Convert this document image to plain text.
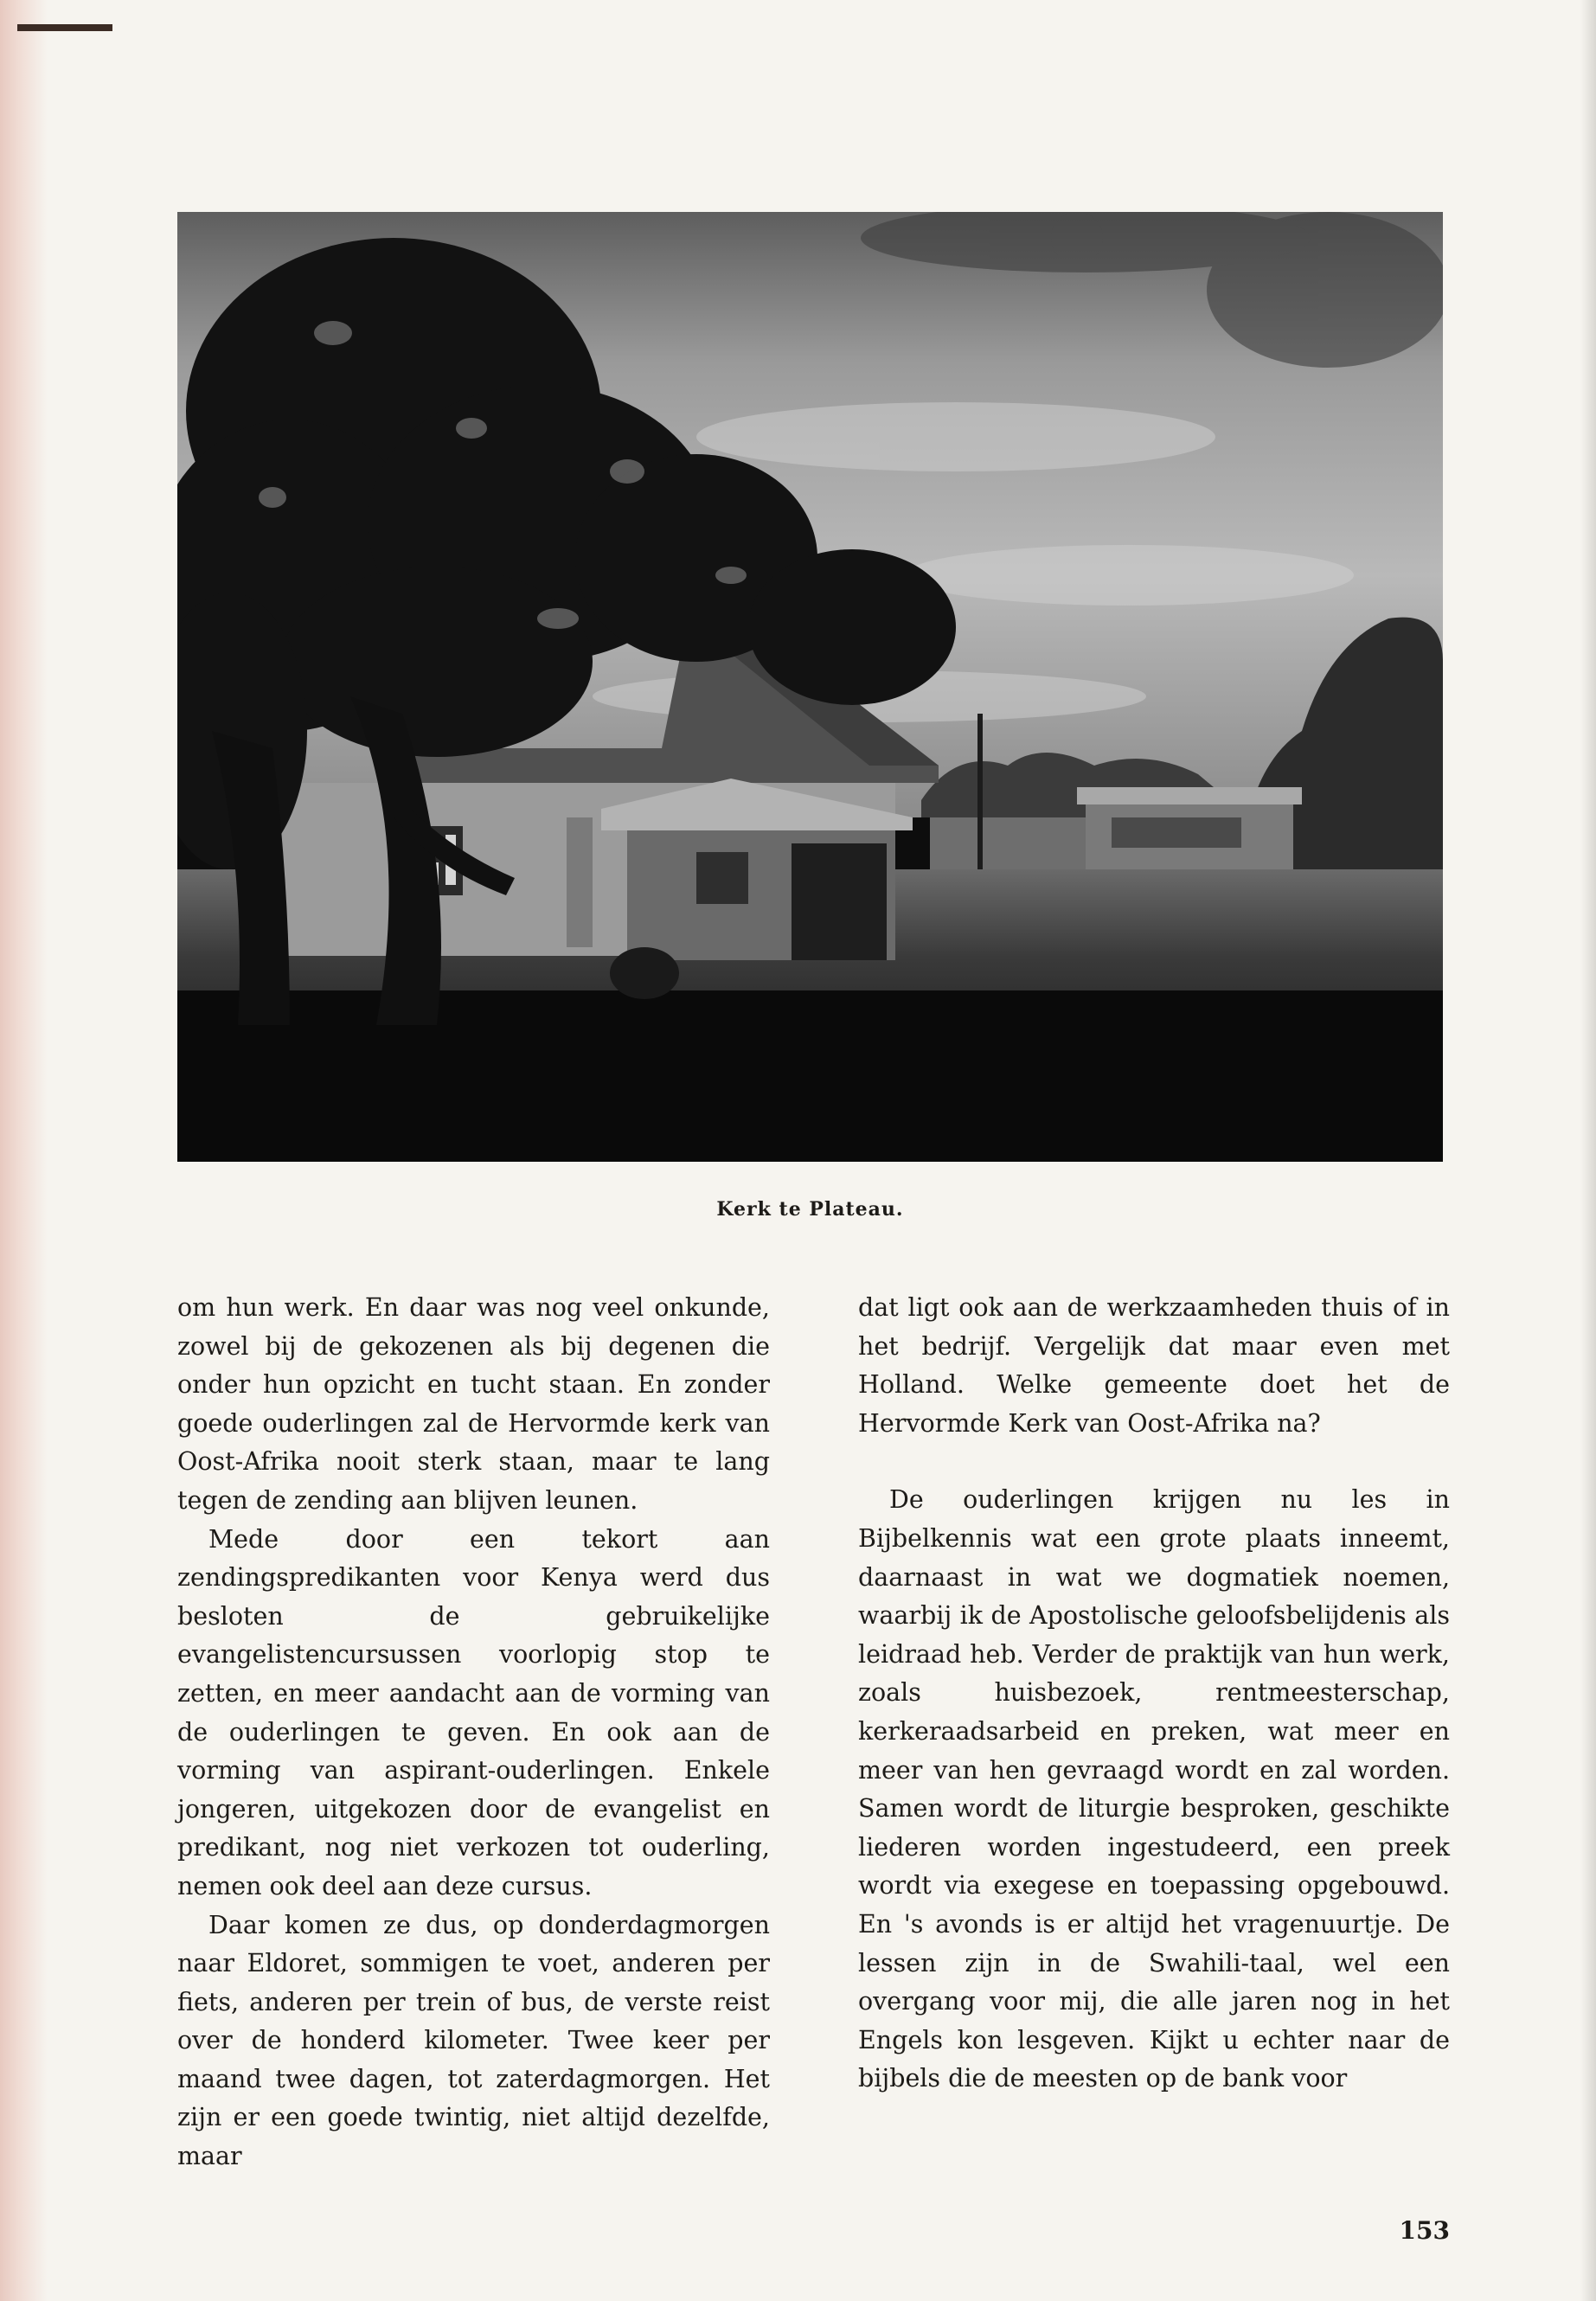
Kerk te Plateau.

om hun werk. En daar was nog veel onkunde, zowel bij de gekozenen als bij degenen die onder hun opzicht en tucht staan. En zonder goede ouderlingen zal de Hervormde kerk van Oost-Afrika nooit sterk staan, maar te lang tegen de zending aan blijven leunen.

Mede door een tekort aan zendingspredikanten voor Kenya werd dus besloten de gebruikelijke evangelistencursussen voorlopig stop te zetten, en meer aandacht aan de vorming van de ouderlingen te geven. En ook aan de vorming van aspirant-ouderlingen. Enkele jongeren, uitgekozen door de evangelist en predikant, nog niet verkozen tot ouderling, nemen ook deel aan deze cursus.

Daar komen ze dus, op donderdagmorgen naar Eldoret, sommigen te voet, anderen per fiets, anderen per trein of bus, de verste reist over de honderd kilometer. Twee keer per maand twee dagen, tot zaterdagmorgen. Het zijn er een goede twintig, niet altijd dezelfde, maar

dat ligt ook aan de werkzaamheden thuis of in het bedrijf. Vergelijk dat maar even met Holland. Welke gemeente doet het de Hervormde Kerk van Oost-Afrika na?

De ouderlingen krijgen nu les in Bijbelkennis wat een grote plaats inneemt, daarnaast in wat we dogmatiek noemen, waarbij ik de Apostolische geloofsbelijdenis als leidraad heb. Verder de praktijk van hun werk, zoals huisbezoek, rentmeesterschap, kerkeraadsarbeid en preken, wat meer en meer van hen gevraagd wordt en zal worden. Samen wordt de liturgie besproken, geschikte liederen worden ingestudeerd, een preek wordt via exegese en toepassing opgebouwd. En 's avonds is er altijd het vragenuurtje. De lessen zijn in de Swahili-taal, wel een overgang voor mij, die alle jaren nog in het Engels kon lesgeven. Kijkt u echter naar de bijbels die de meesten op de bank voor

153
